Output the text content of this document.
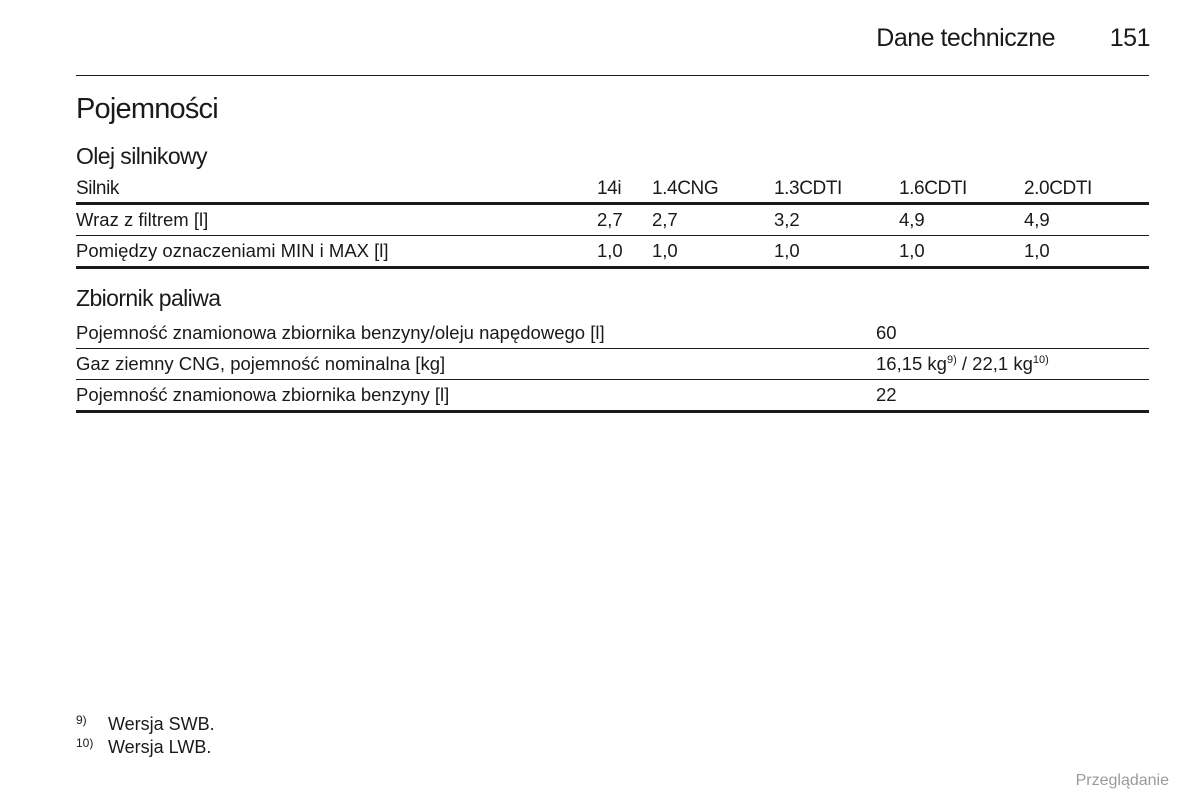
Dane techniczne 151
Pojemności
Olej silnikowy
Silnik	14i	1.4CNG	1.3CDTI	1.6CDTI	2.0CDTI
Wraz z filtrem [l]	2,7	2,7	3,2	4,9	4,9
Pomiędzy oznaczeniami MIN i MAX [l]	1,0	1,0	1,0	1,0	1,0
Zbiornik paliwa
Pojemność znamionowa zbiornika benzyny/oleju napędowego [l]	60
Gaz ziemny CNG, pojemność nominalna [kg]	16,15 $kg^{9)} / 22,1$ $kg^{10)}$
Pojemność znamionowa zbiornika benzyny [l]	22
9) Wersja SWB.
10) Wersja LWB.
Przeglądanie
